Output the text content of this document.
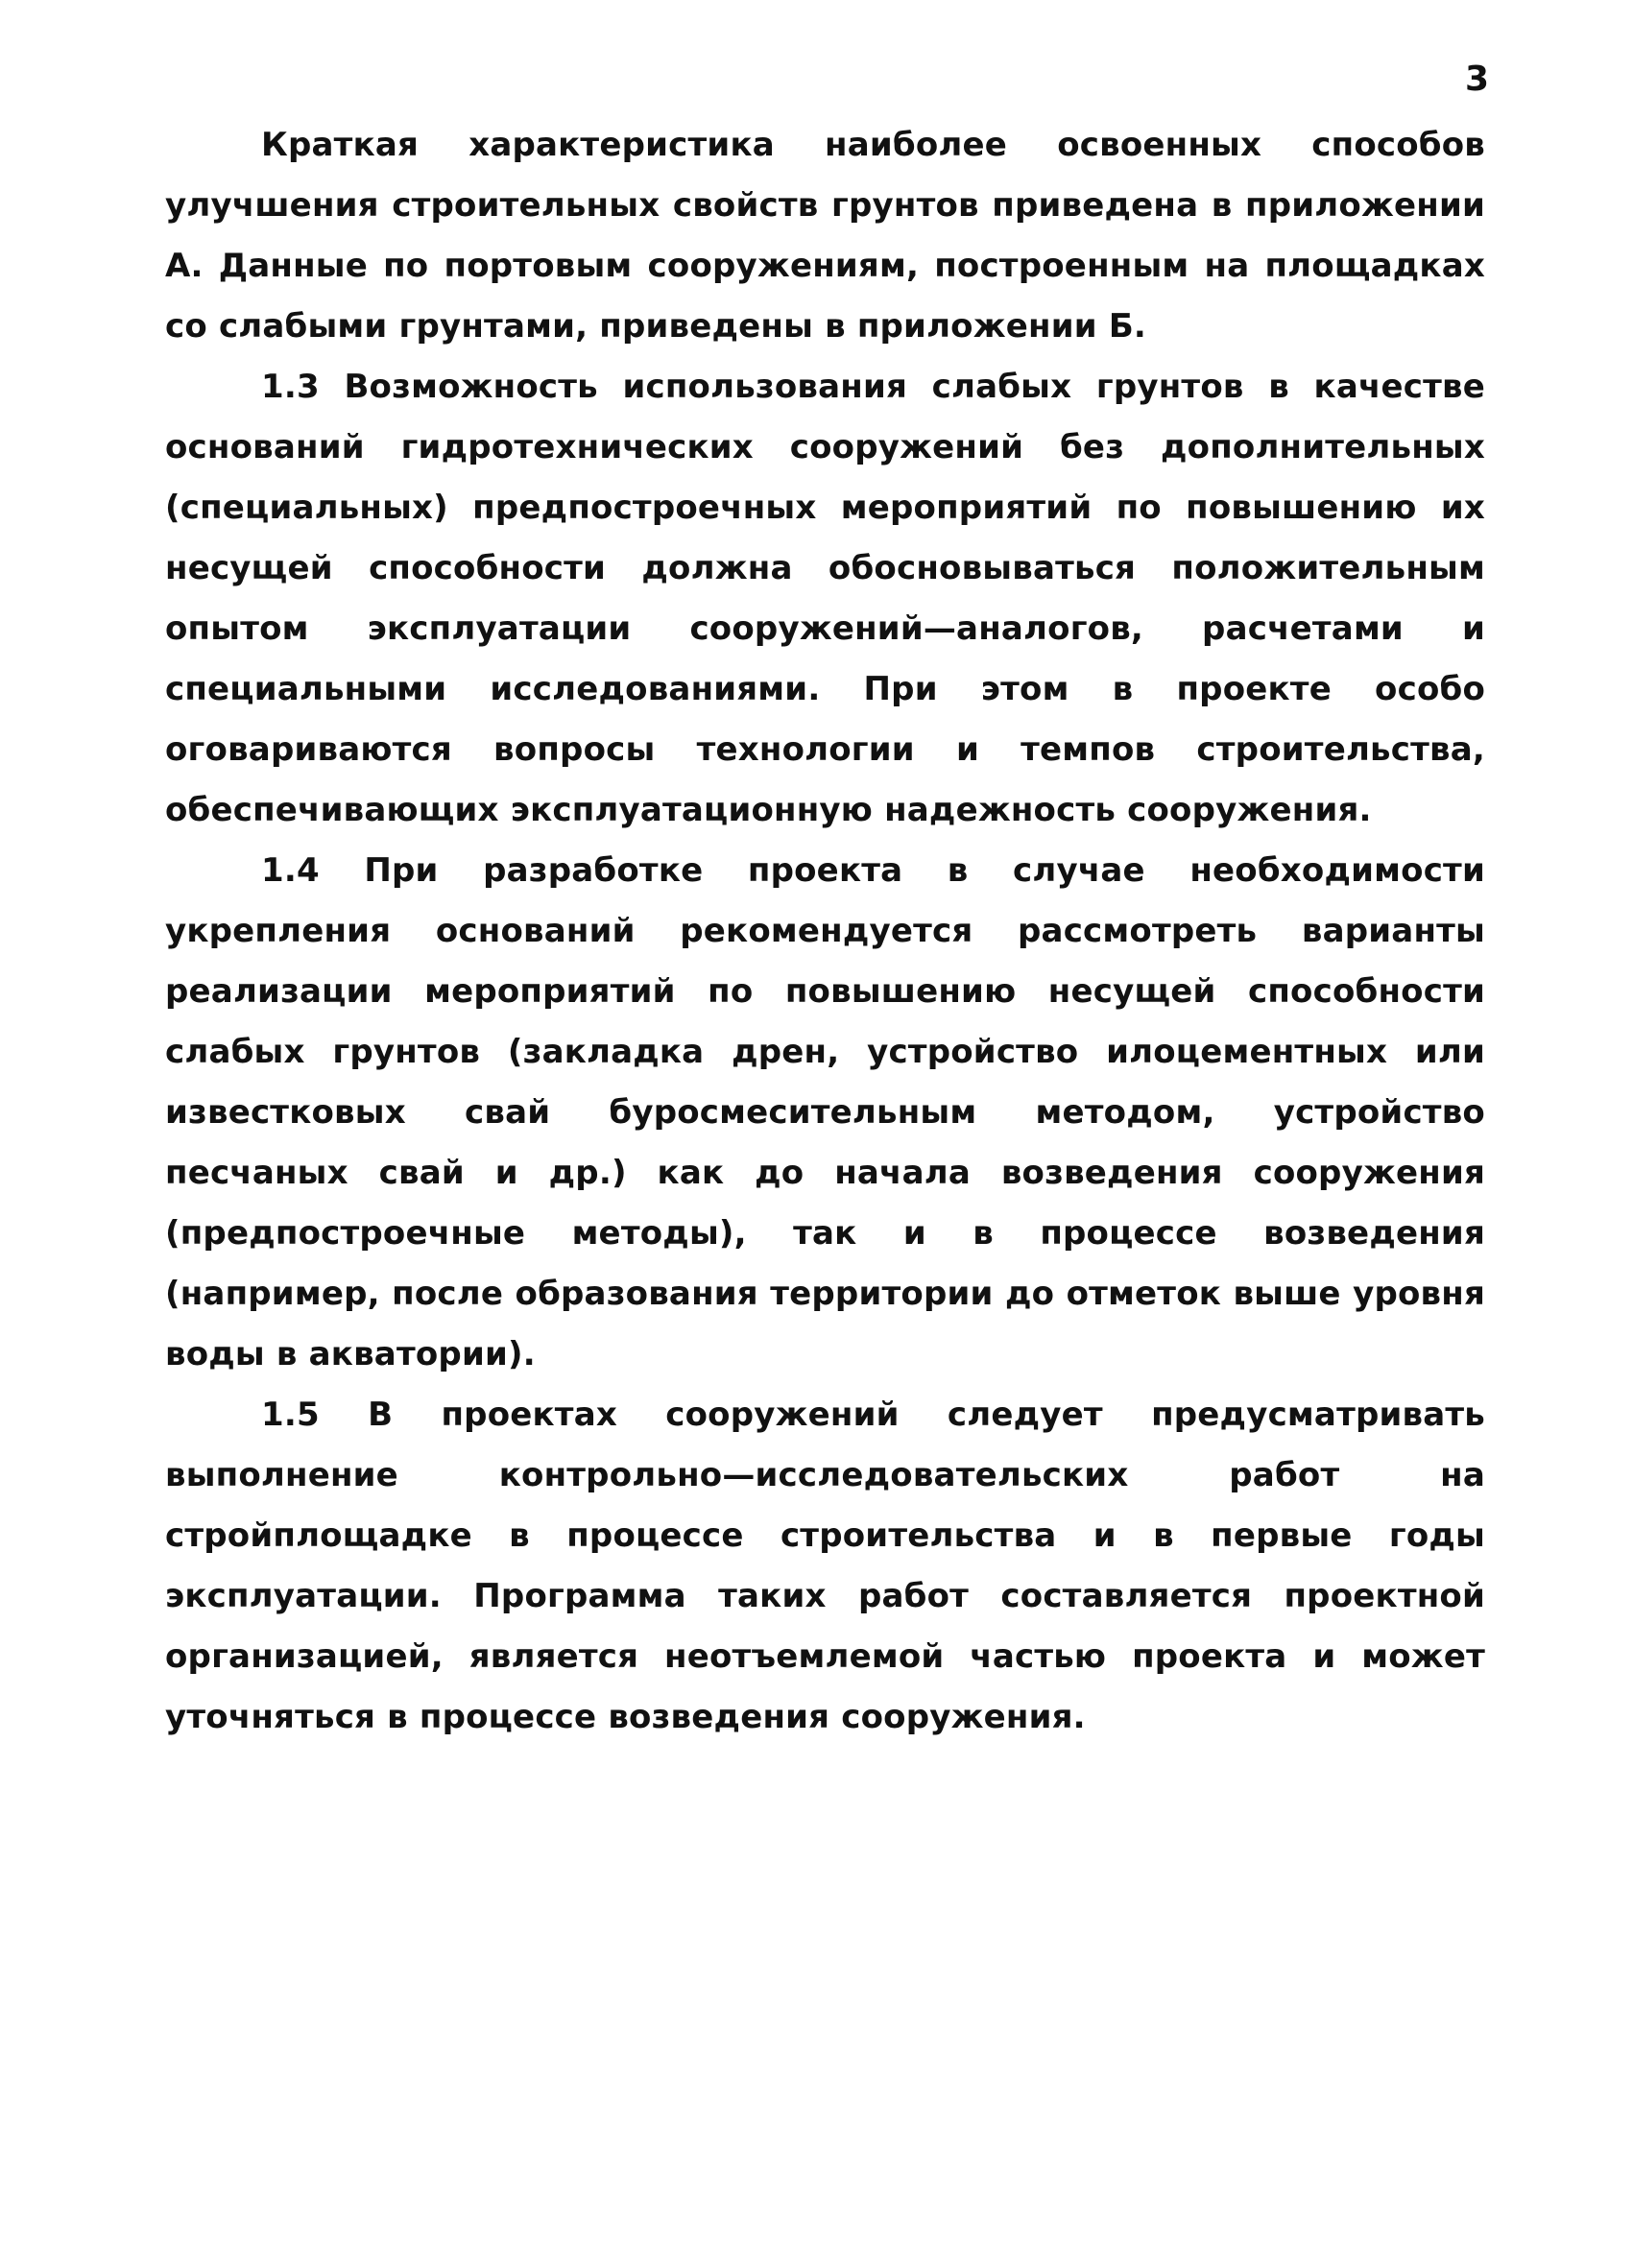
3

Краткая характеристика наиболее освоенных способов улучшения строительных свойств грунтов приведена в приложении А. Данные по портовым сооружениям, построенным на площадках со слабыми грунтами, приведены в приложении Б.

1.3 Возможность использования слабых грунтов в качестве оснований гидротехнических сооружений без дополнительных (специальных) предпостроечных мероприятий по повышению их несущей способности должна обосновываться положительным опытом эксплуатации сооружений—аналогов, расчетами и специальными исследованиями. При этом в проекте особо оговариваются вопросы технологии и темпов строительства, обеспечивающих эксплуатационную надежность сооружения.

1.4 При разработке проекта в случае необходимости укрепления оснований рекомендуется рассмотреть варианты реализации мероприятий по повышению несущей способности слабых грунтов (закладка дрен, устройство илоцементных или известковых свай буросмесительным методом, устройство песчаных свай и др.) как до начала возведения сооружения (предпостроечные методы), так и в процессе возведения (например, после образования территории до отметок выше уровня воды в акватории).

1.5 В проектах сооружений следует предусматривать выполнение контрольно—исследовательских работ на стройплощадке в процессе строительства и в первые годы эксплуатации. Программа таких работ составляется проектной организацией, является неотъемлемой частью проекта и может уточняться в процессе возведения сооружения.
